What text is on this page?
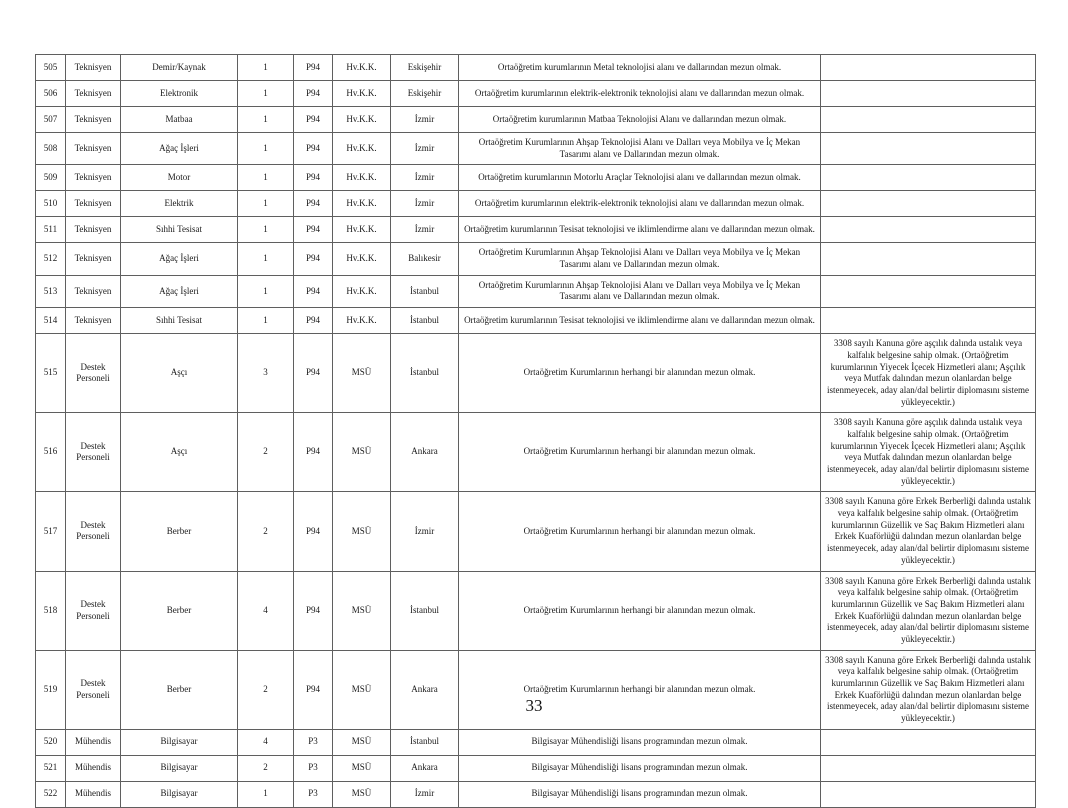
505	Teknisyen	Demir/Kaynak	1	P94	Hv.K.K.	Eskişehir	Ortaöğretim kurumlarının Metal teknolojisi alanı ve dallarından mezun olmak.	
506	Teknisyen	Elektronik	1	P94	Hv.K.K.	Eskişehir	Ortaöğretim kurumlarının elektrik-elektronik teknolojisi alanı ve dallarından mezun olmak.	
507	Teknisyen	Matbaa	1	P94	Hv.K.K.	İzmir	Ortaöğretim kurumlarının Matbaa Teknolojisi Alanı ve dallarından mezun olmak.	
508	Teknisyen	Ağaç İşleri	1	P94	Hv.K.K.	İzmir	Ortaöğretim Kurumlarının Ahşap Teknolojisi Alanı ve Dalları veya Mobilya ve İç Mekan Tasarımı alanı ve Dallarından mezun olmak.	
509	Teknisyen	Motor	1	P94	Hv.K.K.	İzmir	Ortaöğretim kurumlarının Motorlu Araçlar Teknolojisi alanı ve dallarından mezun olmak.	
510	Teknisyen	Elektrik	1	P94	Hv.K.K.	İzmir	Ortaöğretim kurumlarının elektrik-elektronik teknolojisi alanı ve dallarından mezun olmak.	
511	Teknisyen	Sıhhi Tesisat	1	P94	Hv.K.K.	İzmir	Ortaöğretim kurumlarının Tesisat teknolojisi ve iklimlendirme alanı ve dallarından mezun olmak.	
512	Teknisyen	Ağaç İşleri	1	P94	Hv.K.K.	Balıkesir	Ortaöğretim Kurumlarının Ahşap Teknolojisi Alanı ve Dalları veya Mobilya ve İç Mekan Tasarımı alanı ve Dallarından mezun olmak.	
513	Teknisyen	Ağaç İşleri	1	P94	Hv.K.K.	İstanbul	Ortaöğretim Kurumlarının Ahşap Teknolojisi Alanı ve Dalları veya Mobilya ve İç Mekan Tasarımı alanı ve Dallarından mezun olmak.	
514	Teknisyen	Sıhhi Tesisat	1	P94	Hv.K.K.	İstanbul	Ortaöğretim kurumlarının Tesisat teknolojisi ve iklimlendirme alanı ve dallarından mezun olmak.	
515	Destek Personeli	Aşçı	3	P94	MSÜ	İstanbul	Ortaöğretim Kurumlarının herhangi bir alanından mezun olmak.	3308 sayılı Kanuna göre aşçılık dalında ustalık veya kalfalık belgesine sahip olmak. (Ortaöğretim kurumlarının Yiyecek İçecek Hizmetleri alanı; Aşçılık veya Mutfak dalından mezun olanlardan belge istenmeyecek, aday alan/dal belirtir diplomasını sisteme yükleyecektir.)
516	Destek Personeli	Aşçı	2	P94	MSÜ	Ankara	Ortaöğretim Kurumlarının herhangi bir alanından mezun olmak.	3308 sayılı Kanuna göre aşçılık dalında ustalık veya kalfalık belgesine sahip olmak. (Ortaöğretim kurumlarının Yiyecek İçecek Hizmetleri alanı; Aşçılık veya Mutfak dalından mezun olanlardan belge istenmeyecek, aday alan/dal belirtir diplomasını sisteme yükleyecektir.)
517	Destek Personeli	Berber	2	P94	MSÜ	İzmir	Ortaöğretim Kurumlarının herhangi bir alanından mezun olmak.	3308 sayılı Kanuna göre Erkek Berberliği dalında ustalık veya kalfalık belgesine sahip olmak. (Ortaöğretim kurumlarının Güzellik ve Saç Bakım Hizmetleri alanı Erkek Kuaförlüğü dalından mezun olanlardan belge istenmeyecek, aday alan/dal belirtir diplomasını sisteme yükleyecektir.)
518	Destek Personeli	Berber	4	P94	MSÜ	İstanbul	Ortaöğretim Kurumlarının herhangi bir alanından mezun olmak.	3308 sayılı Kanuna göre Erkek Berberliği dalında ustalık veya kalfalık belgesine sahip olmak. (Ortaöğretim kurumlarının Güzellik ve Saç Bakım Hizmetleri alanı Erkek Kuaförlüğü dalından mezun olanlardan belge istenmeyecek, aday alan/dal belirtir diplomasını sisteme yükleyecektir.)
519	Destek Personeli	Berber	2	P94	MSÜ	Ankara	Ortaöğretim Kurumlarının herhangi bir alanından mezun olmak.	3308 sayılı Kanuna göre Erkek Berberliği dalında ustalık veya kalfalık belgesine sahip olmak. (Ortaöğretim kurumlarının Güzellik ve Saç Bakım Hizmetleri alanı Erkek Kuaförlüğü dalından mezun olanlardan belge istenmeyecek, aday alan/dal belirtir diplomasını sisteme yükleyecektir.)
520	Mühendis	Bilgisayar	4	P3	MSÜ	İstanbul	Bilgisayar Mühendisliği lisans programından mezun olmak.	
521	Mühendis	Bilgisayar	2	P3	MSÜ	Ankara	Bilgisayar Mühendisliği lisans programından mezun olmak.	
522	Mühendis	Bilgisayar	1	P3	MSÜ	İzmir	Bilgisayar Mühendisliği lisans programından mezun olmak.	
33
